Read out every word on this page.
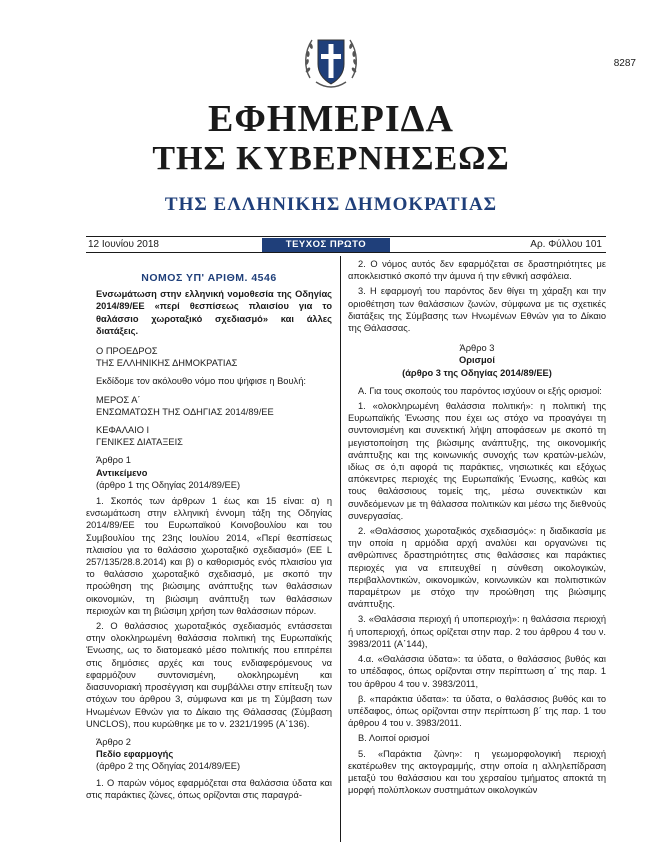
8287
ΕΦΗΜΕΡΙΔΑ
ΤΗΣ ΚΥΒΕΡΝΗΣΕΩΣ
ΤΗΣ ΕΛΛΗΝΙΚΗΣ ΔΗΜΟΚΡΑΤΙΑΣ
12 Ιουνίου 2018	ΤΕΥΧΟΣ ΠΡΩΤΟ	Αρ. Φύλλου 101
ΝΟΜΟΣ ΥΠ' ΑΡΙΘΜ. 4546

Ενσωμάτωση στην ελληνική νομοθεσία της Οδηγίας 2014/89/ΕΕ «περί θεσπίσεως πλαισίου για το θαλάσσιο χωροταξικό σχεδιασμό» και άλλες διατάξεις.

Ο ΠΡΟΕΔΡΟΣ

ΤΗΣ ΕΛΛΗΝΙΚΗΣ ΔΗΜΟΚΡΑΤΙΑΣ

Εκδίδομε τον ακόλουθο νόμο που ψήφισε η Βουλή:

ΜΕΡΟΣ Α΄

ΕΝΣΩΜΑΤΩΣΗ ΤΗΣ ΟΔΗΓΙΑΣ 2014/89/ΕΕ

ΚΕΦΑΛΑΙΟ Ι

ΓΕΝΙΚΕΣ ΔΙΑΤΑΞΕΙΣ

Άρθρο 1

Αντικείμενο

(άρθρο 1 της Οδηγίας 2014/89/ΕΕ)

1. Σκοπός των άρθρων 1 έως και 15 είναι: α) η ενσωμάτωση στην ελληνική έννομη τάξη της Οδηγίας 2014/89/ΕΕ του Ευρωπαϊκού Κοινοβουλίου και του Συμβουλίου της 23ης Ιουλίου 2014, «Περί θεσπίσεως πλαισίου για το θαλάσσιο χωροταξικό σχεδιασμό» (ΕΕ L 257/135/28.8.2014) και β) ο καθορισμός ενός πλαισίου για το θαλάσσιο χωροταξικό σχεδιασμό, με σκοπό την προώθηση της βιώσιμης ανάπτυξης των θαλάσσιων οικονομιών, τη βιώσιμη ανάπτυξη των θαλάσσιων περιοχών και τη βιώσιμη χρήση των θαλάσσιων πόρων.

2. Ο θαλάσσιος χωροταξικός σχεδιασμός εντάσσεται στην ολοκληρωμένη θαλάσσια πολιτική της Ευρωπαϊκής Ένωσης, ως το διατομεακό μέσο πολιτικής που επιτρέπει στις δημόσιες αρχές και τους ενδιαφερόμενους να εφαρμόζουν συντονισμένη, ολοκληρωμένη και διασυνοριακή προσέγγιση και συμβάλλει στην επίτευξη των στόχων του άρθρου 3, σύμφωνα και με τη Σύμβαση των Ηνωμένων Εθνών για το Δίκαιο της Θάλασσας (Σύμβαση UNCLOS), που κυρώθηκε με το ν. 2321/1995 (Α΄136).

Άρθρο 2

Πεδίο εφαρμογής

(άρθρο 2 της Οδηγίας 2014/89/ΕΕ)

1. Ο παρών νόμος εφαρμόζεται στα θαλάσσια ύδατα και στις παράκτιες ζώνες, όπως ορίζονται στις παραγρά-

2. Ο νόμος αυτός δεν εφαρμόζεται σε δραστηριότητες με αποκλειστικό σκοπό την άμυνα ή την εθνική ασφάλεια.

3. Η εφαρμογή του παρόντος δεν θίγει τη χάραξη και την οριοθέτηση των θαλάσσιων ζωνών, σύμφωνα με τις σχετικές διατάξεις της Σύμβασης των Ηνωμένων Εθνών για το Δίκαιο της Θάλασσας.

Άρθρο 3

Ορισμοί

(άρθρο 3 της Οδηγίας 2014/89/ΕΕ)

Α. Για τους σκοπούς του παρόντος ισχύουν οι εξής ορισμοί:

1. «ολοκληρωμένη θαλάσσια πολιτική»: η πολιτική της Ευρωπαϊκής Ένωσης που έχει ως στόχο να προαγάγει τη συντονισμένη και συνεκτική λήψη αποφάσεων με σκοπό τη μεγιστοποίηση της βιώσιμης ανάπτυξης, της οικονομικής ανάπτυξης και της κοινωνικής συνοχής των κρατών-μελών, ιδίως σε ό,τι αφορά τις παράκτιες, νησιωτικές και εξόχως απόκεντρες περιοχές της Ευρωπαϊκής Ένωσης, καθώς και τους θαλάσσιους τομείς της, μέσω συνεκτικών και συνδεόμενων με τη θάλασσα πολιτικών και μέσω της διεθνούς συνεργασίας.

2. «Θαλάσσιος χωροταξικός σχεδιασμός»: η διαδικασία με την οποία η αρμόδια αρχή αναλύει και οργανώνει τις ανθρώπινες δραστηριότητες στις θαλάσσιες και παράκτιες περιοχές για να επιτευχθεί η σύνθεση οικολογικών, περιβαλλοντικών, οικονομικών, κοινωνικών και πολιτιστικών παραμέτρων με στόχο την προώθηση της βιώσιμης ανάπτυξης.

3. «Θαλάσσια περιοχή ή υποπεριοχή»: η θαλάσσια περιοχή ή υποπεριοχή, όπως ορίζεται στην παρ. 2 του άρθρου 4 του ν. 3983/2011 (Α΄144),

4.α. «Θαλάσσια ύδατα»: τα ύδατα, ο θαλάσσιος βυθός και το υπέδαφος, όπως ορίζονται στην περίπτωση α΄ της παρ. 1 του άρθρου 4 του ν. 3983/2011,

β. «παράκτια ύδατα»: τα ύδατα, ο θαλάσσιος βυθός και το υπέδαφος, όπως ορίζονται στην περίπτωση β΄ της παρ. 1 του άρθρου 4 του ν. 3983/2011.

Β. Λοιποί ορισμοί

5. «Παράκτια ζώνη»: η γεωμορφολογική περιοχή εκατέρωθεν της ακτογραμμής, στην οποία η αλληλεπίδραση μεταξύ του θαλάσσιου και του χερσαίου τμήματος αποκτά τη μορφή πολύπλοκων συστημάτων οικολογικών
